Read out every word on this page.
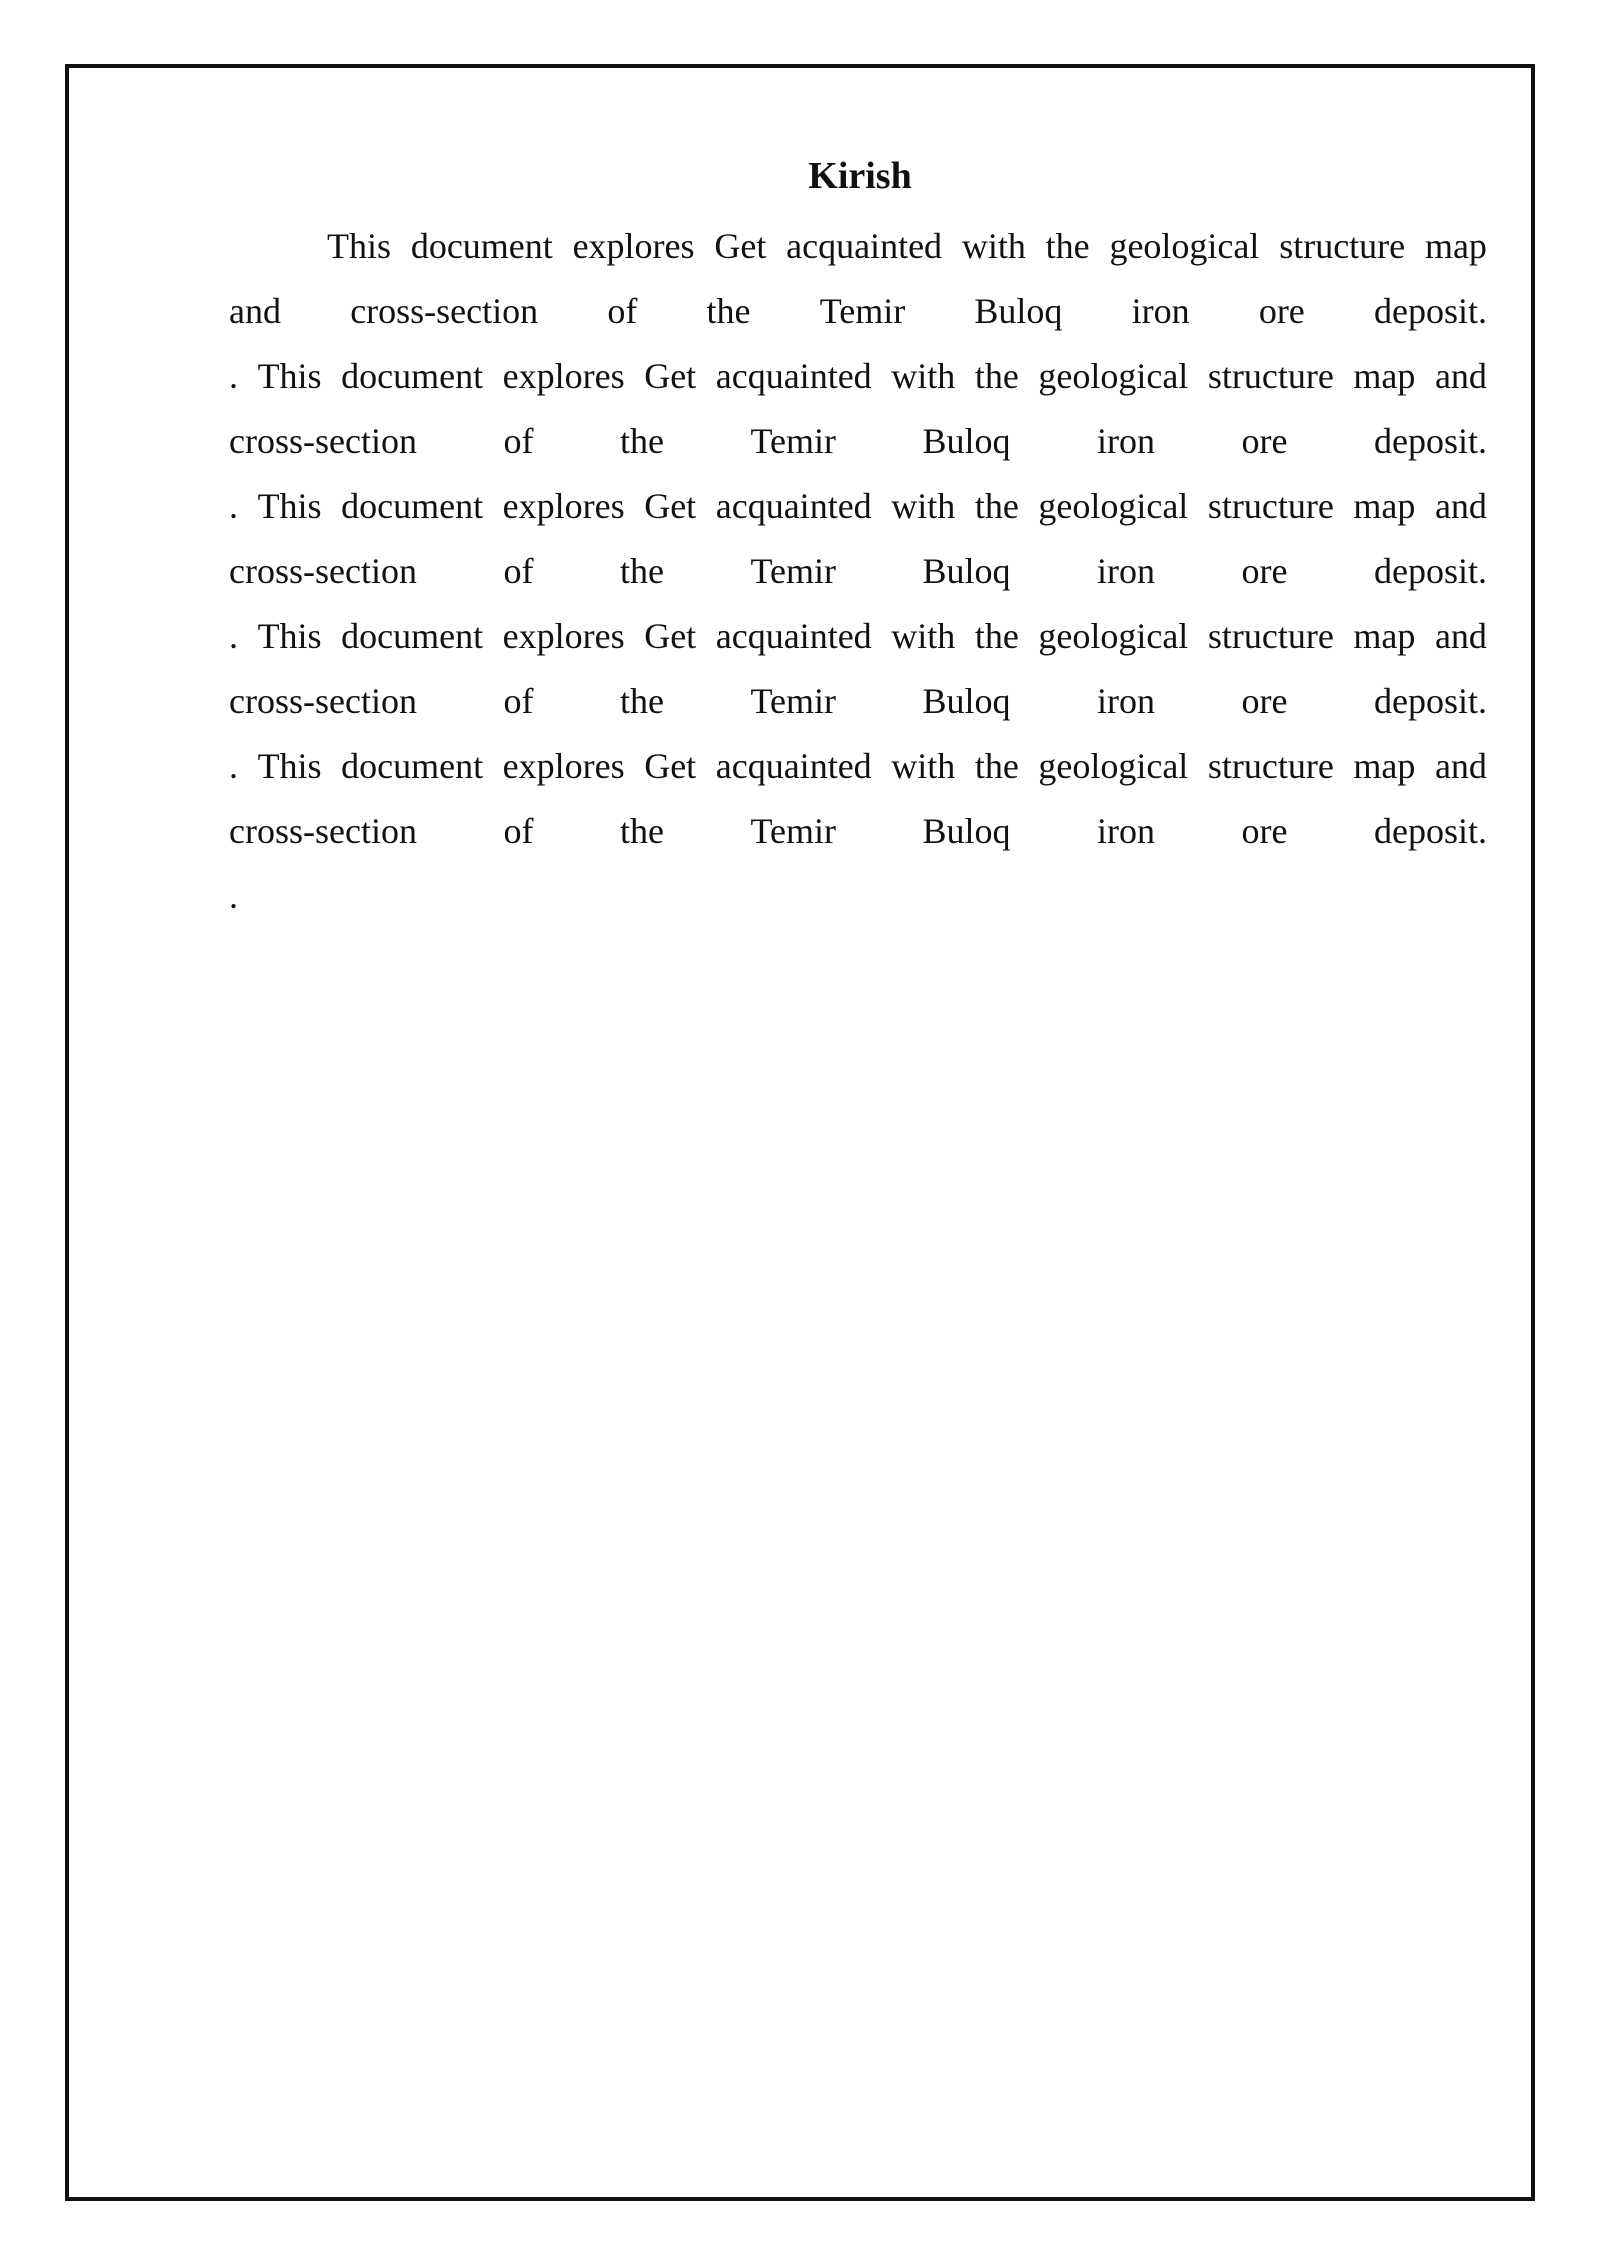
Kirish
This document explores Get acquainted with the geological structure map
and cross-section of the Temir Buloq iron ore deposit.
. This document explores Get acquainted with the geological structure map and
cross-section of the Temir Buloq iron ore deposit.
. This document explores Get acquainted with the geological structure map and
cross-section of the Temir Buloq iron ore deposit.
. This document explores Get acquainted with the geological structure map and
cross-section of the Temir Buloq iron ore deposit.
. This document explores Get acquainted with the geological structure map and
cross-section of the Temir Buloq iron ore deposit.
.
